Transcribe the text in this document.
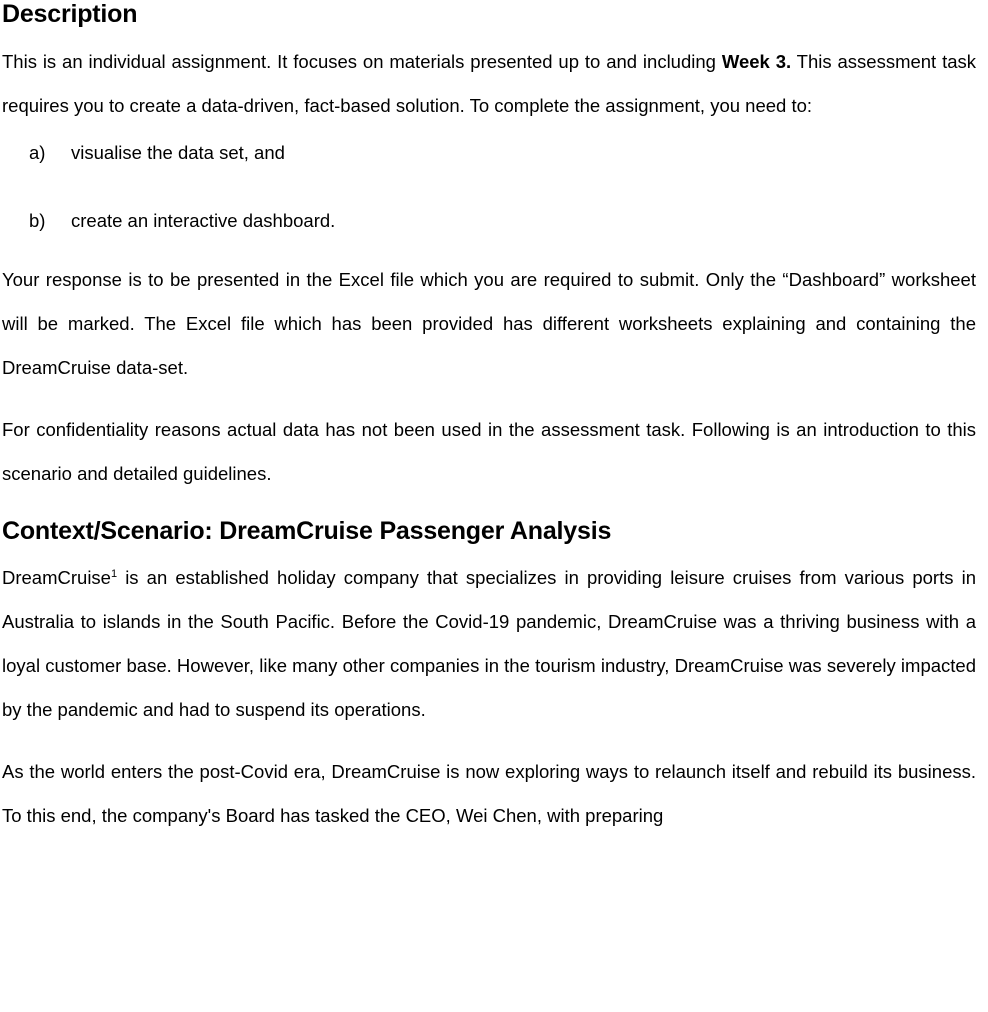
Description

This is an individual assignment. It focuses on materials presented up to and including Week 3. This assessment task requires you to create a data-driven, fact-based solution. To complete the assignment, you need to:

a)	visualise the data set, and
b)	create an interactive dashboard.

Your response is to be presented in the Excel file which you are required to submit. Only the “Dashboard” worksheet will be marked. The Excel file which has been provided has different worksheets explaining and containing the DreamCruise data-set.

For confidentiality reasons actual data has not been used in the assessment task. Following is an introduction to this scenario and detailed guidelines.

Context/Scenario: DreamCruise Passenger Analysis

DreamCruise$^1$ is an established holiday company that specializes in providing leisure cruises from various ports in Australia to islands in the South Pacific. Before the Covid-19 pandemic, DreamCruise was a thriving business with a loyal customer base. However, like many other companies in the tourism industry, DreamCruise was severely impacted by the pandemic and had to suspend its operations.

As the world enters the post-Covid era, DreamCruise is now exploring ways to relaunch itself and rebuild its business. To this end, the company's Board has tasked the CEO, Wei Chen, with preparing
